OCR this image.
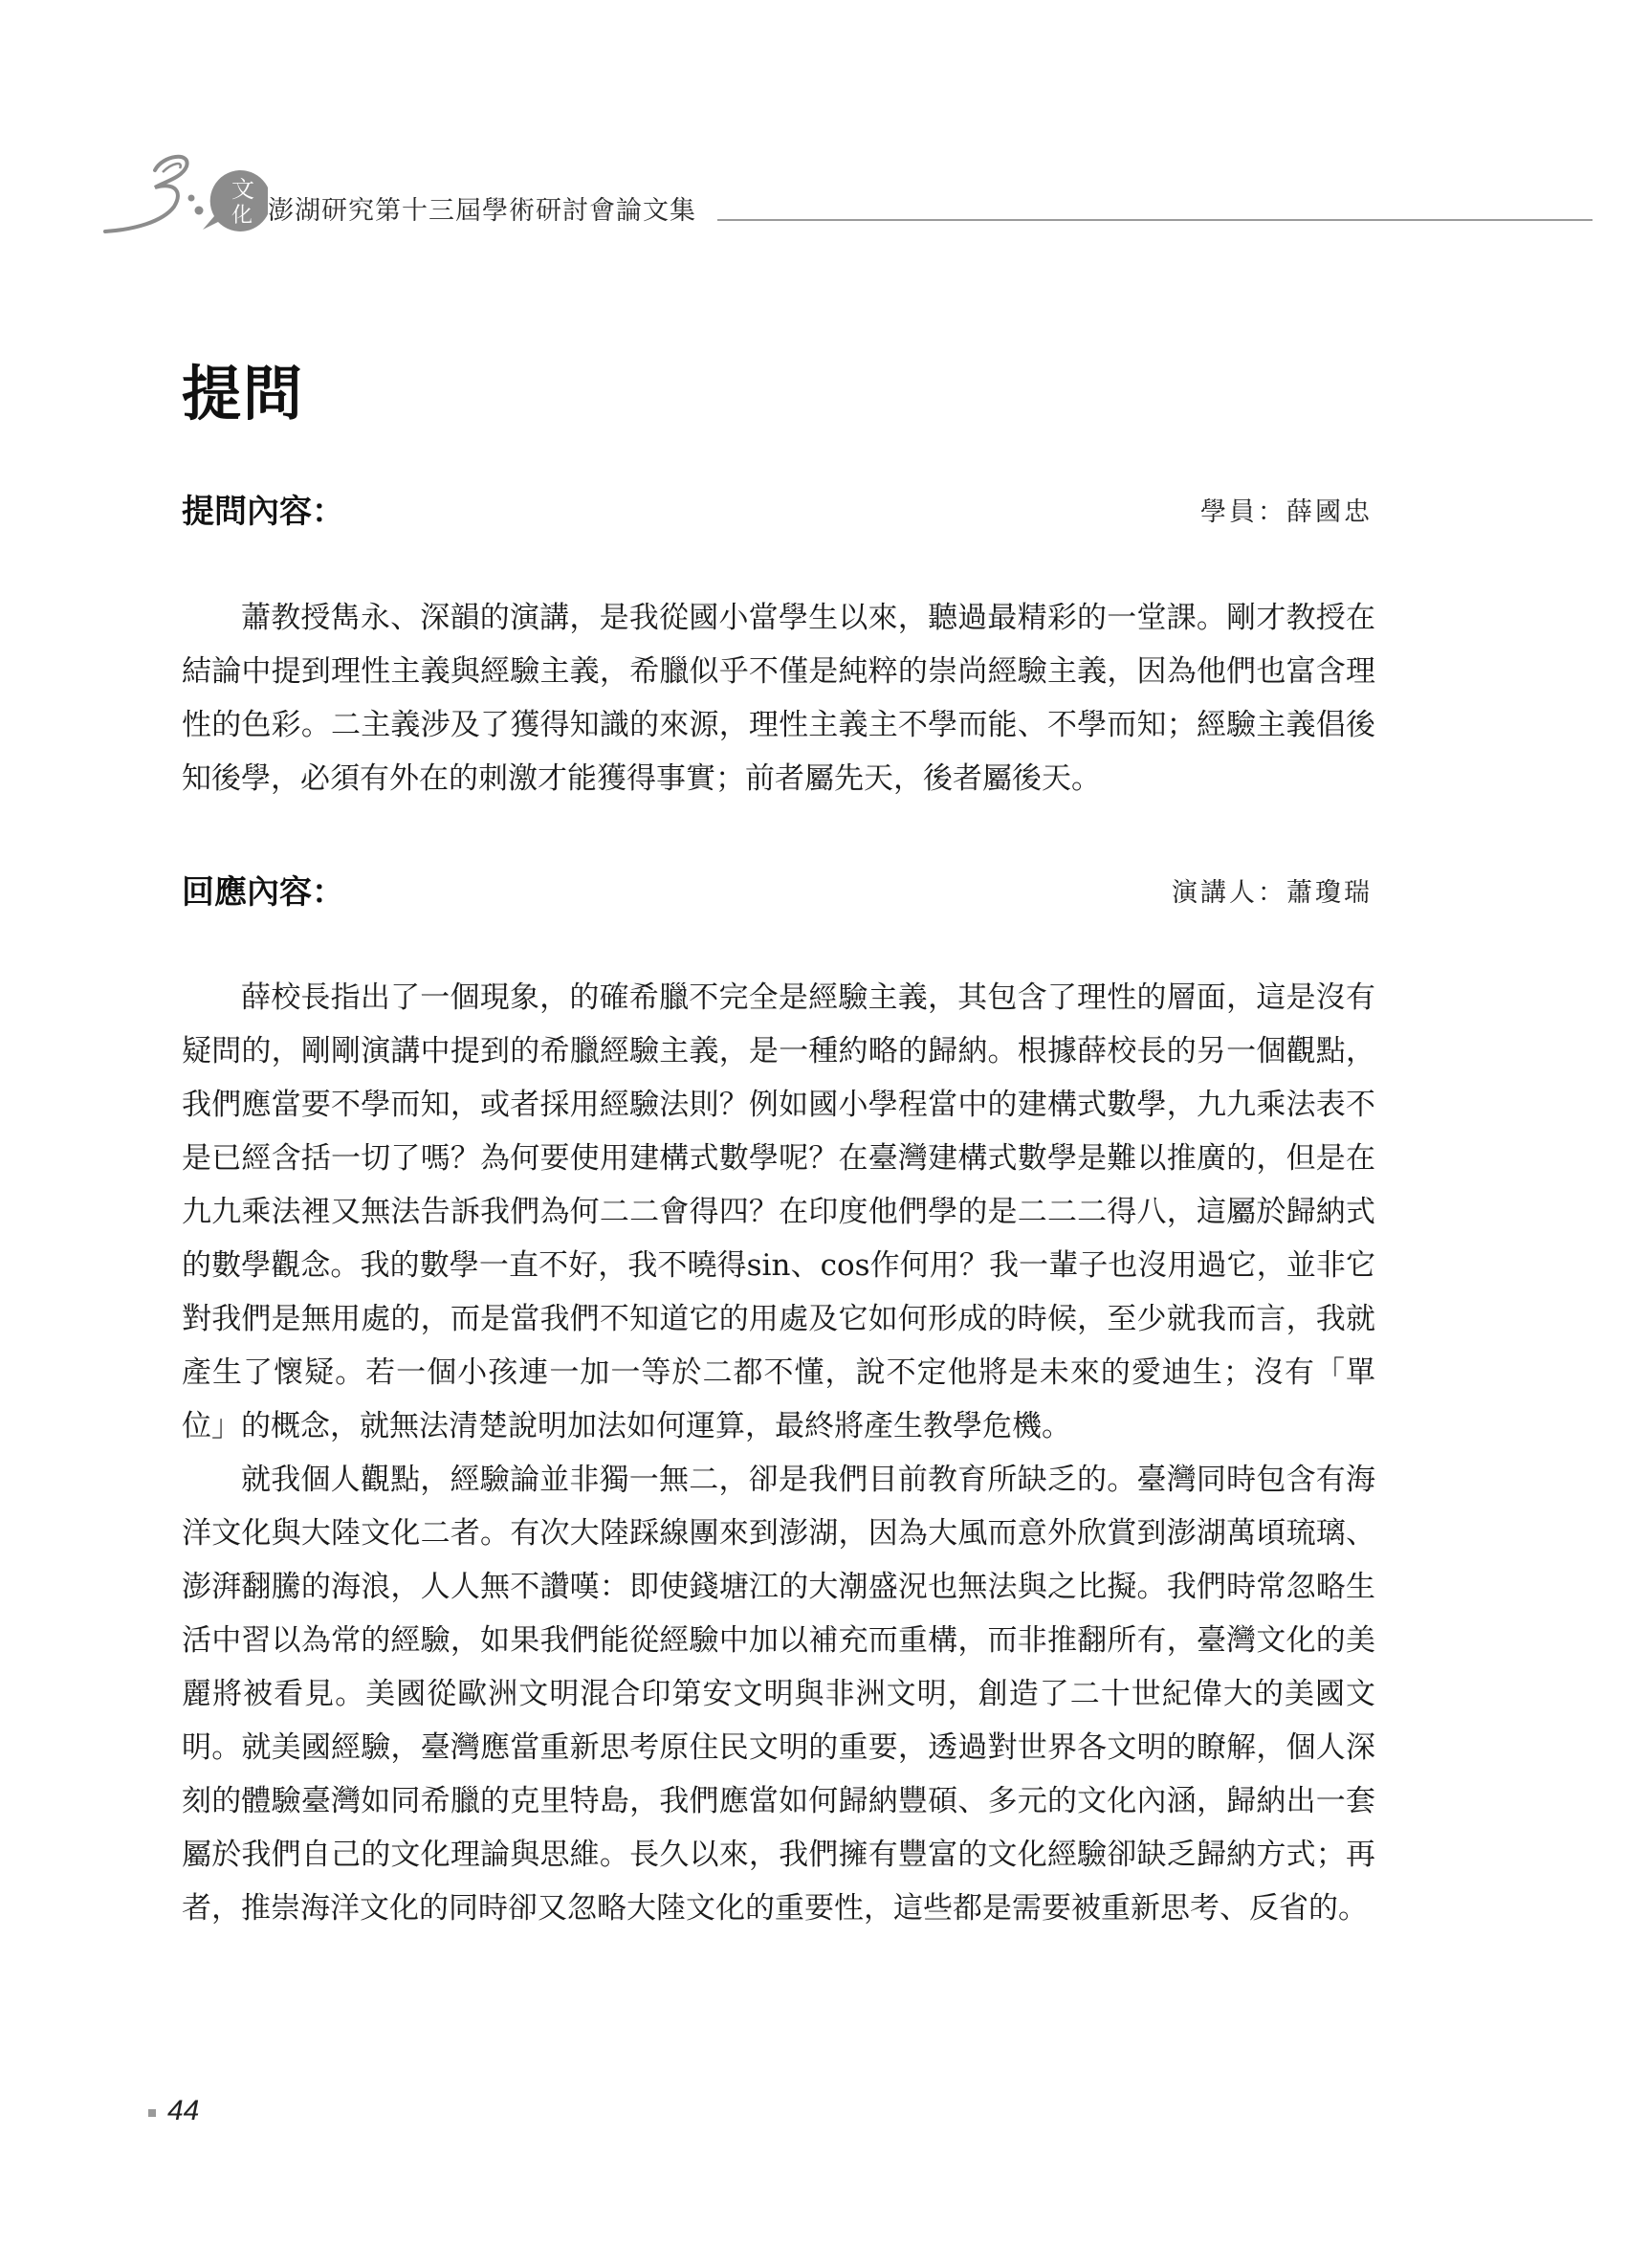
文
化 澎湖研究第十三屆學術研討會論文集
提問
提問內容：	學員：薛國忠

蕭教授雋永、深韻的演講，是我從國小當學生以來，聽過最精彩的一堂課。剛才教授在結論中提到理性主義與經驗主義，希臘似乎不僅是純粹的崇尚經驗主義，因為他們也富含理性的色彩。二主義涉及了獲得知識的來源，理性主義主不學而能、不學而知；經驗主義倡後知後學，必須有外在的刺激才能獲得事實；前者屬先天，後者屬後天。

回應內容：	演講人：蕭瓊瑞

薛校長指出了一個現象，的確希臘不完全是經驗主義，其包含了理性的層面，這是沒有疑問的，剛剛演講中提到的希臘經驗主義，是一種約略的歸納。根據薛校長的另一個觀點，我們應當要不學而知，或者採用經驗法則？例如國小學程當中的建構式數學，九九乘法表不是已經含括一切了嗎？為何要使用建構式數學呢？在臺灣建構式數學是難以推廣的，但是在九九乘法裡又無法告訴我們為何二二會得四？在印度他們學的是二二二得八，這屬於歸納式的數學觀念。我的數學一直不好，我不曉得sin、cos作何用？我一輩子也沒用過它，並非它對我們是無用處的，而是當我們不知道它的用處及它如何形成的時候，至少就我而言，我就產生了懷疑。若一個小孩連一加一等於二都不懂，說不定他將是未來的愛迪生；沒有「單位」的概念，就無法清楚說明加法如何運算，最終將產生教學危機。

就我個人觀點，經驗論並非獨一無二，卻是我們目前教育所缺乏的。臺灣同時包含有海洋文化與大陸文化二者。有次大陸踩線團來到澎湖，因為大風而意外欣賞到澎湖萬頃琉璃、澎湃翻騰的海浪，人人無不讚嘆：即使錢塘江的大潮盛況也無法與之比擬。我們時常忽略生活中習以為常的經驗，如果我們能從經驗中加以補充而重構，而非推翻所有，臺灣文化的美麗將被看見。美國從歐洲文明混合印第安文明與非洲文明，創造了二十世紀偉大的美國文明。就美國經驗，臺灣應當重新思考原住民文明的重要，透過對世界各文明的瞭解，個人深刻的體驗臺灣如同希臘的克里特島，我們應當如何歸納豐碩、多元的文化內涵，歸納出一套屬於我們自己的文化理論與思維。長久以來，我們擁有豐富的文化經驗卻缺乏歸納方式；再者，推崇海洋文化的同時卻又忽略大陸文化的重要性，這些都是需要被重新思考、反省的。

44
